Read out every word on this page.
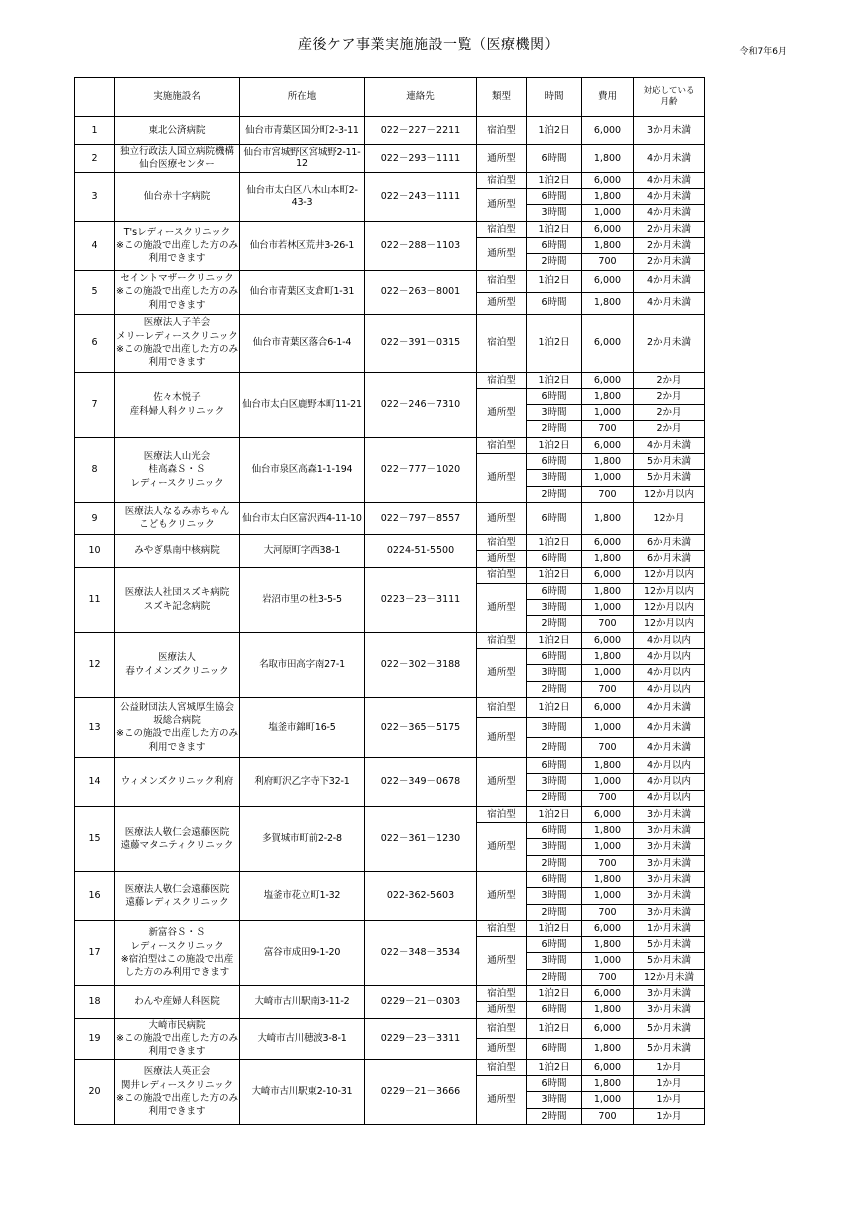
産後ケア事業実施施設一覧（医療機関）	令和7年6月
	実施施設名	所在地	連絡先	類型	時間	費用	対応している
月齢

1	東北公済病院	仙台市青葉区国分町2-3-11	022－227－2211	宿泊型	1泊2日	6,000	3か月未満
2	独立行政法人国立病院機構
仙台医療センター	仙台市宮城野区宮城野2-11-12	022－293－1111	通所型	6時間	1,800	4か月未満
3	仙台赤十字病院	仙台市太白区八木山本町2-43-3	022－243－1111	宿泊型	1泊2日	6,000	4か月未満
				通所型	6時間	1,800	4か月未満
					3時間	1,000	4か月未満
4	T'sレディースクリニック
※この施設で出産した方のみ
利用できます	仙台市若林区荒井3-26-1	022－288－1103	宿泊型	1泊2日	6,000	2か月未満
				通所型	6時間	1,800	2か月未満
					2時間	700	2か月未満
5	セイントマザークリニック
※この施設で出産した方のみ
利用できます	仙台市青葉区支倉町1-31	022－263－8001	宿泊型	1泊2日	6,000	4か月未満
				通所型	6時間	1,800	4か月未満
6	医療法人子羊会
メリーレディースクリニック
※この施設で出産した方のみ
利用できます	仙台市青葉区落合6-1-4	022－391－0315	宿泊型	1泊2日	6,000	2か月未満
7	佐々木悦子
産科婦人科クリニック	仙台市太白区鹿野本町11-21	022－246－7310	宿泊型	1泊2日	6,000	2か月
				通所型	6時間	1,800	2か月
					3時間	1,000	2か月
					2時間	700	2か月
8	医療法人山光会
桂高森Ｓ・Ｓ
レディースクリニック	仙台市泉区高森1-1-194	022－777－1020	宿泊型	1泊2日	6,000	4か月未満
				通所型	6時間	1,800	5か月未満
					3時間	1,000	5か月未満
					2時間	700	12か月以内
9	医療法人なるみ赤ちゃん
こどもクリニック	仙台市太白区富沢西4-11-10	022－797－8557	通所型	6時間	1,800	12か月
10	みやぎ県南中核病院	大河原町字西38-1	0224-51-5500	宿泊型	1泊2日	6,000	6か月未満
				通所型	6時間	1,800	6か月未満
11	医療法人社団スズキ病院
スズキ記念病院	岩沼市里の杜3-5-5	0223－23－3111	宿泊型	1泊2日	6,000	12か月以内
				通所型	6時間	1,800	12か月以内
					3時間	1,000	12か月以内
					2時間	700	12か月以内
12	医療法人
春ウイメンズクリニック	名取市田高字南27-1	022－302－3188	宿泊型	1泊2日	6,000	4か月以内
				通所型	6時間	1,800	4か月以内
					3時間	1,000	4か月以内
					2時間	700	4か月以内
13	公益財団法人宮城厚生協会
坂総合病院
※この施設で出産した方のみ
利用できます	塩釜市錦町16-5	022－365－5175	宿泊型	1泊2日	6,000	4か月未満
				通所型	3時間	1,000	4か月未満
					2時間	700	4か月未満
14	ウィメンズクリニック利府	利府町沢乙字寺下32-1	022－349－0678	通所型	6時間	1,800	4か月以内
					3時間	1,000	4か月以内
					2時間	700	4か月以内
15	医療法人敬仁会遠藤医院
遠藤マタニティクリニック	多賀城市町前2-2-8	022－361－1230	宿泊型	1泊2日	6,000	3か月未満
				通所型	6時間	1,800	3か月未満
					3時間	1,000	3か月未満
					2時間	700	3か月未満
16	医療法人敬仁会遠藤医院
遠藤レディスクリニック	塩釜市花立町1-32	022-362-5603	通所型	6時間	1,800	3か月未満
					3時間	1,000	3か月未満
					2時間	700	3か月未満
17	新富谷Ｓ・Ｓ
レディースクリニック
※宿泊型はこの施設で出産
した方のみ利用できます	富谷市成田9-1-20	022－348－3534	宿泊型	1泊2日	6,000	1か月未満
				通所型	6時間	1,800	5か月未満
					3時間	1,000	5か月未満
					2時間	700	12か月未満
18	わんや産婦人科医院	大崎市古川駅南3-11-2	0229－21－0303	宿泊型	1泊2日	6,000	3か月未満
				通所型	6時間	1,800	3か月未満
19	大崎市民病院
※この施設で出産した方のみ
利用できます	大崎市古川穂波3-8-1	0229－23－3311	宿泊型	1泊2日	6,000	5か月未満
				通所型	6時間	1,800	5か月未満
20	医療法人英正会
関井レディースクリニック
※この施設で出産した方のみ
利用できます	大崎市古川駅東2-10-31	0229－21－3666	宿泊型	1泊2日	6,000	1か月
				通所型	6時間	1,800	1か月
					3時間	1,000	1か月
					2時間	700	1か月
